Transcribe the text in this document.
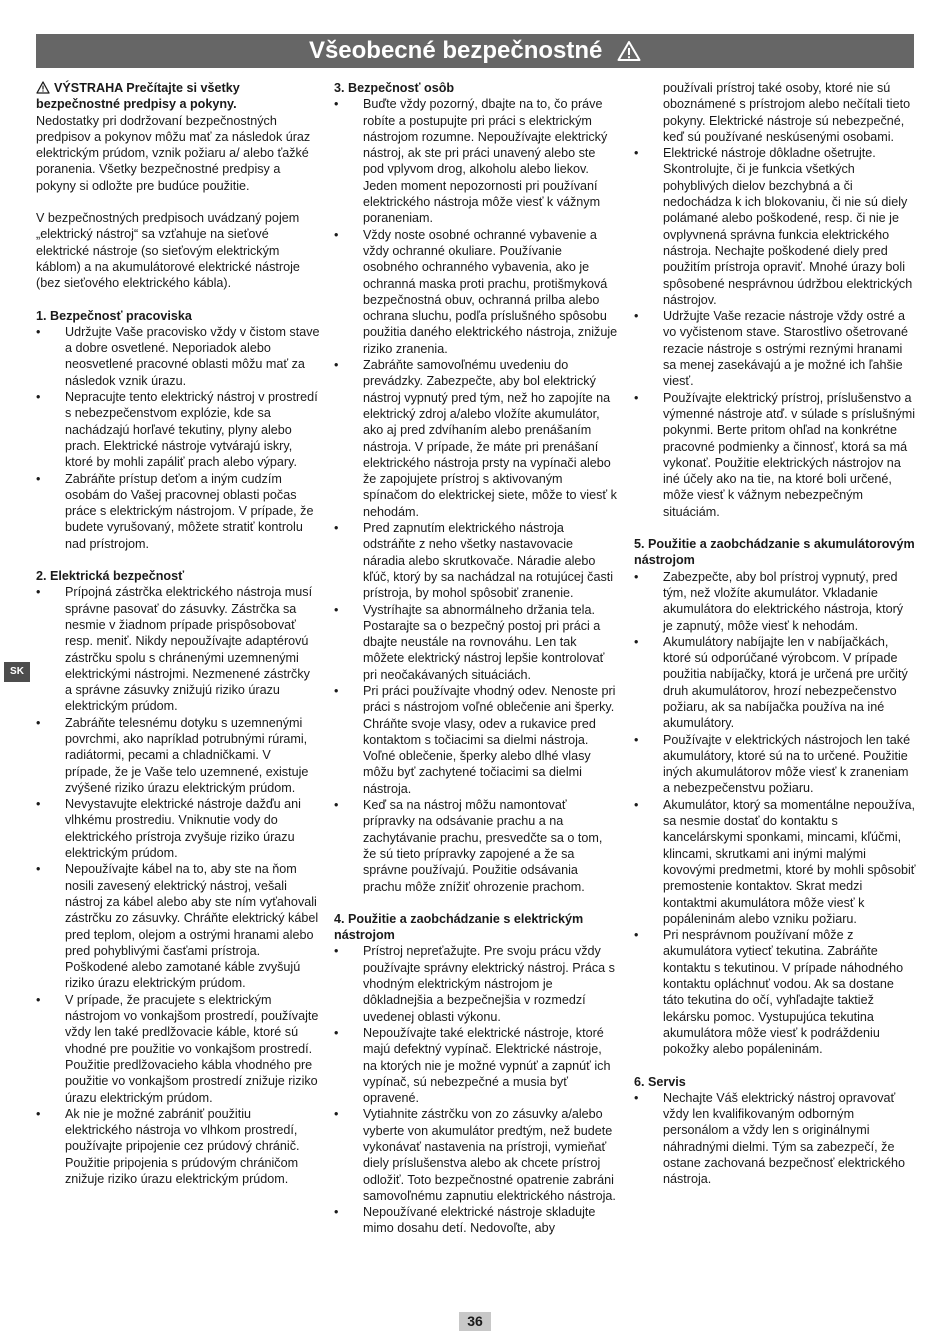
Všeobecné bezpečnostné
SK

VÝSTRAHA Prečítajte si všetky bezpečnostné predpisy a pokyny.
Nedostatky pri dodržovaní bezpečnostných predpisov a pokynov môžu mať za následok úraz elektrickým prúdom, vznik požiaru a/ alebo ťažké poranenia. Všetky bezpečnostné predpisy a pokyny si odložte pre budúce použitie.

V bezpečnostných predpisoch uvádzaný pojem „elektrický nástroj“ sa vzťahuje na sieťové elektrické nástroje (so sieťovým elektrickým káblom) a na akumulátorové elektrické nástroje (bez sieťového elektrického kábla).

1. Bezpečnosť pracoviska
• Udržujte Vaše pracovisko vždy v čistom stave a dobre osvetlené. Neporiadok alebo neosvetlené pracovné oblasti môžu mať za následok vznik úrazu.
• Nepracujte tento elektrický nástroj v prostredí s nebezpečenstvom explózie, kde sa nachádzajú horľavé tekutiny, plyny alebo prach. Elektrické nástroje vytvárajú iskry, ktoré by mohli zapáliť prach alebo výpary.
• Zabráňte prístup deťom a iným cudzím osobám do Vašej pracovnej oblasti počas práce s elektrickým nástrojom. V prípade, že budete vyrušovaný, môžete stratiť kontrolu nad prístrojom.
2. Elektrická bezpečnosť
• Prípojná zástrčka elektrického nástroja musí správne pasovať do zásuvky. Zástrčka sa nesmie v žiadnom prípade prispôsobovať resp. meniť. Nikdy nepoužívajte adaptérovú zástrčku spolu s chránenými uzemnenými elektrickými nástrojmi. Nezmenené zástrčky a správne zásuvky znižujú riziko úrazu elektrickým prúdom.
• Zabráňte telesnému dotyku s uzemnenými povrchmi, ako napríklad potrubnými rúrami, radiátormi, pecami a chladničkami. V prípade, že je Vaše telo uzemnené, existuje zvýšené riziko úrazu elektrickým prúdom.
• Nevystavujte elektrické nástroje dažďu ani vlhkému prostrediu. Vniknutie vody do elektrického prístroja zvyšuje riziko úrazu elektrickým prúdom.
• Nepoužívajte kábel na to, aby ste na ňom nosili zavesený elektrický nástroj, vešali nástroj za kábel alebo aby ste ním vyťahovali zástrčku zo zásuvky. Chráňte elektrický kábel pred teplom, olejom a ostrými hranami alebo pred pohyblivými časťami prístroja. Poškodené alebo zamotané káble zvyšujú riziko úrazu elektrickým prúdom.
• V prípade, že pracujete s elektrickým nástrojom vo vonkajšom prostredí, používajte vždy len také predlžovacie káble, ktoré sú vhodné pre použitie vo vonkajšom prostredí. Použitie predlžovacieho kábla vhodného pre použitie vo vonkajšom prostredí znižuje riziko úrazu elektrickým prúdom.
• Ak nie je možné zabrániť použitiu elektrického nástroja vo vlhkom prostredí, používajte pripojenie cez prúdový chránič. Použitie pripojenia s prúdovým chráničom znižuje riziko úrazu elektrickým prúdom.
3. Bezpečnosť osôb
• Buďte vždy pozorný, dbajte na to, čo práve robíte a postupujte pri práci s elektrickým nástrojom rozumne. Nepoužívajte elektrický nástroj, ak ste pri práci unavený alebo ste pod vplyvom drog, alkoholu alebo liekov. Jeden moment nepozornosti pri používaní elektrického nástroja môže viesť k vážnym poraneniam.
• Vždy noste osobné ochranné vybavenie a vždy ochranné okuliare. Používanie osobného ochranného vybavenia, ako je ochranná maska proti prachu, protišmyková bezpečnostná obuv, ochranná prilba alebo ochrana sluchu, podľa príslušného spôsobu použitia daného elektrického nástroja, znižuje riziko zranenia.
• Zabráňte samovoľnému uvedeniu do prevádzky. Zabezpečte, aby bol elektrický nástroj vypnutý pred tým, než ho zapojíte na elektrický zdroj a/alebo vložíte akumulátor, ako aj pred zdvíhaním alebo prenášaním nástroja. V prípade, že máte pri prenášaní elektrického nástroja prsty na vypínači alebo že zapojujete prístroj s aktivovaným spínačom do elektrickej siete, môže to viesť k nehodám.
• Pred zapnutím elektrického nástroja odstráňte z neho všetky nastavovacie náradia alebo skrutkovače. Náradie alebo kľúč, ktorý by sa nachádzal na rotujúcej časti prístroja, by mohol spôsobiť zranenie.
• Vystríhajte sa abnormálneho držania tela. Postarajte sa o bezpečný postoj pri práci a dbajte neustále na rovnováhu. Len tak môžete elektrický nástroj lepšie kontrolovať pri neočakávaných situáciách.
• Pri práci používajte vhodný odev. Nenoste pri práci s nástrojom voľné oblečenie ani šperky. Chráňte svoje vlasy, odev a rukavice pred kontaktom s točiacimi sa dielmi nástroja. Voľné oblečenie, šperky alebo dlhé vlasy môžu byť zachytené točiacimi sa dielmi nástroja.
• Keď sa na nástroj môžu namontovať prípravky na odsávanie prachu a na zachytávanie prachu, presvedčte sa o tom, že sú tieto prípravky zapojené a že sa správne používajú. Použitie odsávania prachu môže znížiť ohrozenie prachom.
4. Použitie a zaobchádzanie s elektrickým nástrojom
• Prístroj nepreťažujte. Pre svoju prácu vždy používajte správny elektrický nástroj. Práca s vhodným elektrickým nástrojom je dôkladnejšia a bezpečnejšia v rozmedzí uvedenej oblasti výkonu.
• Nepoužívajte také elektrické nástroje, ktoré majú defektný vypínač. Elektrické nástroje, na ktorých nie je možné vypnúť a zapnúť ich vypínač, sú nebezpečné a musia byť opravené.
• Vytiahnite zástrčku von zo zásuvky a/alebo vyberte von akumulátor predtým, než budete vykonávať nastavenia na prístroji, vymieňať diely príslušenstva alebo ak chcete prístroj odložiť. Toto bezpečnostné opatrenie zabráni samovoľnému zapnutiu elektrického nástroja.
• Nepoužívané elektrické nástroje skladujte mimo dosahu detí. Nedovoľte, aby
používali prístroj také osoby, ktoré nie sú oboznámené s prístrojom alebo nečítali tieto pokyny. Elektrické nástroje sú nebezpečné, keď sú používané neskúsenými osobami.
• Elektrické nástroje dôkladne ošetrujte. Skontrolujte, či je funkcia všetkých pohyblivých dielov bezchybná a či nedochádza k ich blokovaniu, či nie sú diely polámané alebo poškodené, resp. či nie je ovplyvnená správna funkcia elektrického nástroja. Nechajte poškodené diely pred použitím prístroja opraviť. Mnohé úrazy boli spôsobené nesprávnou údržbou elektrických nástrojov.
• Udržujte Vaše rezacie nástroje vždy ostré a vo vyčistenom stave. Starostlivo ošetrované rezacie nástroje s ostrými reznými hranami sa menej zasekávajú a je možné ich ľahšie viesť.
• Používajte elektrický prístroj, príslušenstvo a výmenné nástroje atď. v súlade s príslušnými pokynmi. Berte pritom ohľad na konkrétne pracovné podmienky a činnosť, ktorá sa má vykonať. Použitie elektrických nástrojov na iné účely ako na tie, na ktoré boli určené, môže viesť k vážnym nebezpečným situáciám.
5. Použitie a zaobchádzanie s akumulátorovým nástrojom
• Zabezpečte, aby bol prístroj vypnutý, pred tým, než vložíte akumulátor. Vkladanie akumulátora do elektrického nástroja, ktorý je zapnutý, môže viesť k nehodám.
• Akumulátory nabíjajte len v nabíjačkách, ktoré sú odporúčané výrobcom. V prípade použitia nabíjačky, ktorá je určená pre určitý druh akumulátorov, hrozí nebezpečenstvo požiaru, ak sa nabíjačka používa na iné akumulátory.
• Používajte v elektrických nástrojoch len také akumulátory, ktoré sú na to určené. Použitie iných akumulátorov môže viesť k zraneniam a nebezpečenstvu požiaru.
• Akumulátor, ktorý sa momentálne nepoužíva, sa nesmie dostať do kontaktu s kancelárskymi sponkami, mincami, kľúčmi, klincami, skrutkami ani inými malými kovovými predmetmi, ktoré by mohli spôsobiť premostenie kontaktov. Skrat medzi kontaktmi akumulátora môže viesť k popáleninám alebo vzniku požiaru.
• Pri nesprávnom používaní môže z akumulátora vytiecť tekutina. Zabráňte kontaktu s tekutinou. V prípade náhodného kontaktu opláchnuť vodou. Ak sa dostane táto tekutina do očí, vyhľadajte taktiež lekársku pomoc. Vystupujúca tekutina akumulátora môže viesť k podráždeniu pokožky alebo popáleninám.
6. Servis
• Nechajte Váš elektrický nástroj opravovať vždy len kvalifikovaným odborným personálom a vždy len s originálnymi náhradnými dielmi. Tým sa zabezpečí, že ostane zachovaná bezpečnosť elektrického nástroja.
36
